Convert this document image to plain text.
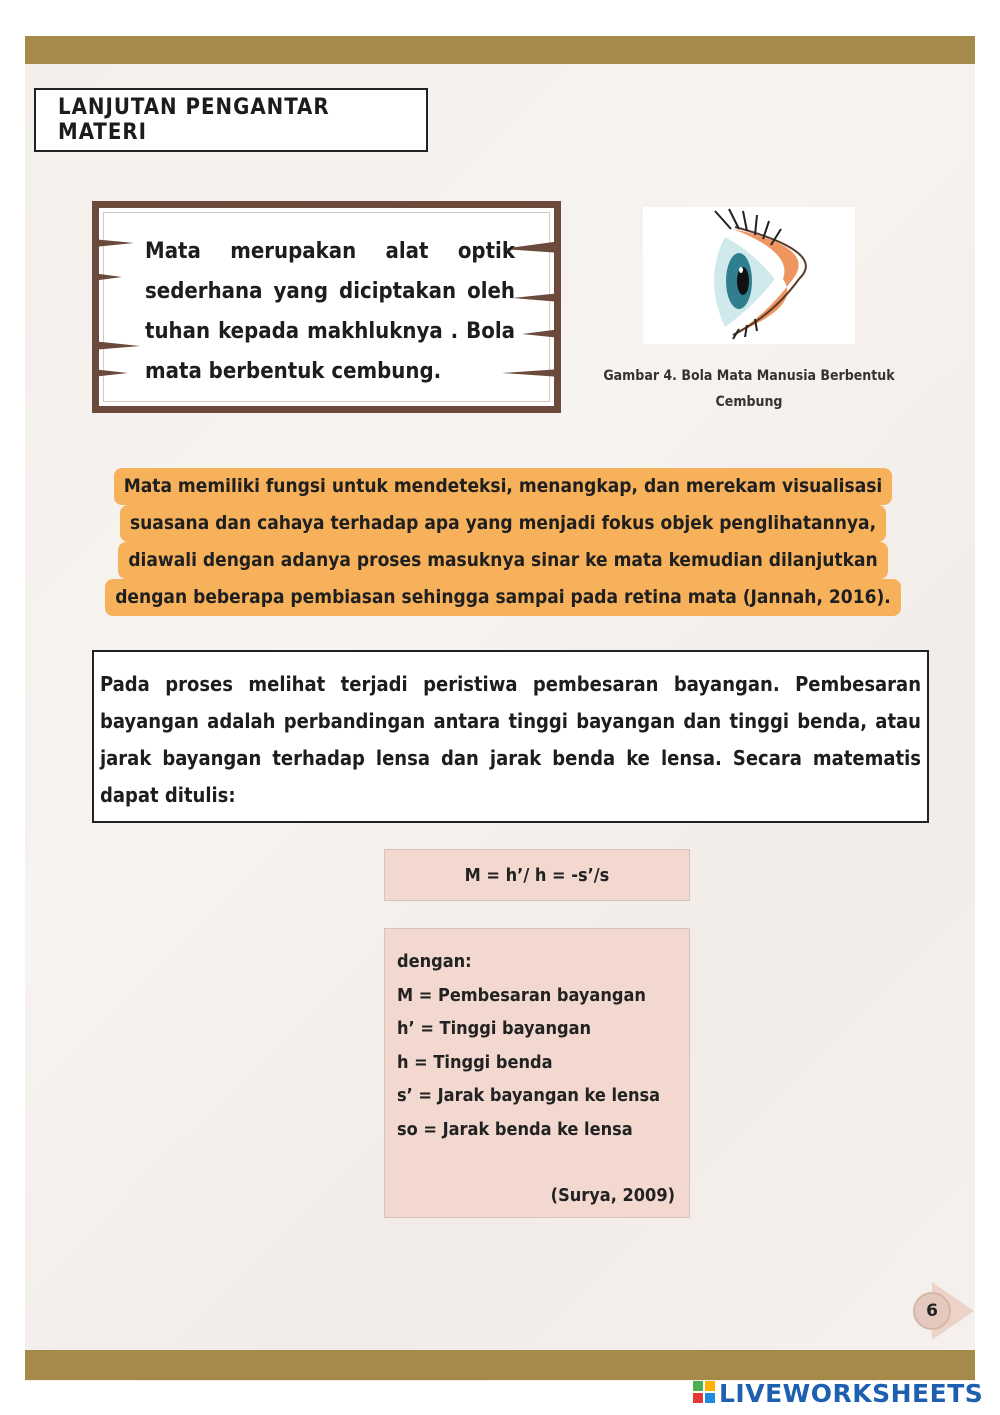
LANJUTAN PENGANTAR MATERI
Mata merupakan alat optik sederhana yang diciptakan oleh tuhan kepada makhluknya . Bola mata berbentuk cembung.	Gambar 4. Bola Mata Manusia Berbentuk
Cembung
Mata memiliki fungsi untuk mendeteksi, menangkap, dan merekam visualisasi
suasana dan cahaya terhadap apa yang menjadi fokus objek penglihatannya,
diawali dengan adanya proses masuknya sinar ke mata kemudian dilanjutkan
dengan beberapa pembiasan sehingga sampai pada retina mata (Jannah, 2016).
Pada proses melihat terjadi peristiwa pembesaran bayangan. Pembesaran bayangan adalah perbandingan antara tinggi bayangan dan tinggi benda, atau jarak bayangan terhadap lensa dan jarak benda ke lensa. Secara matematis dapat ditulis:
M = h’/ h = -s’/s
dengan:
M = Pembesaran bayangan
h’ = Tinggi bayangan
h = Tinggi benda
s’ = Jarak bayangan ke lensa
so = Jarak benda ke lensa
(Surya, 2009)
6
LIVEWORKSHEETS
